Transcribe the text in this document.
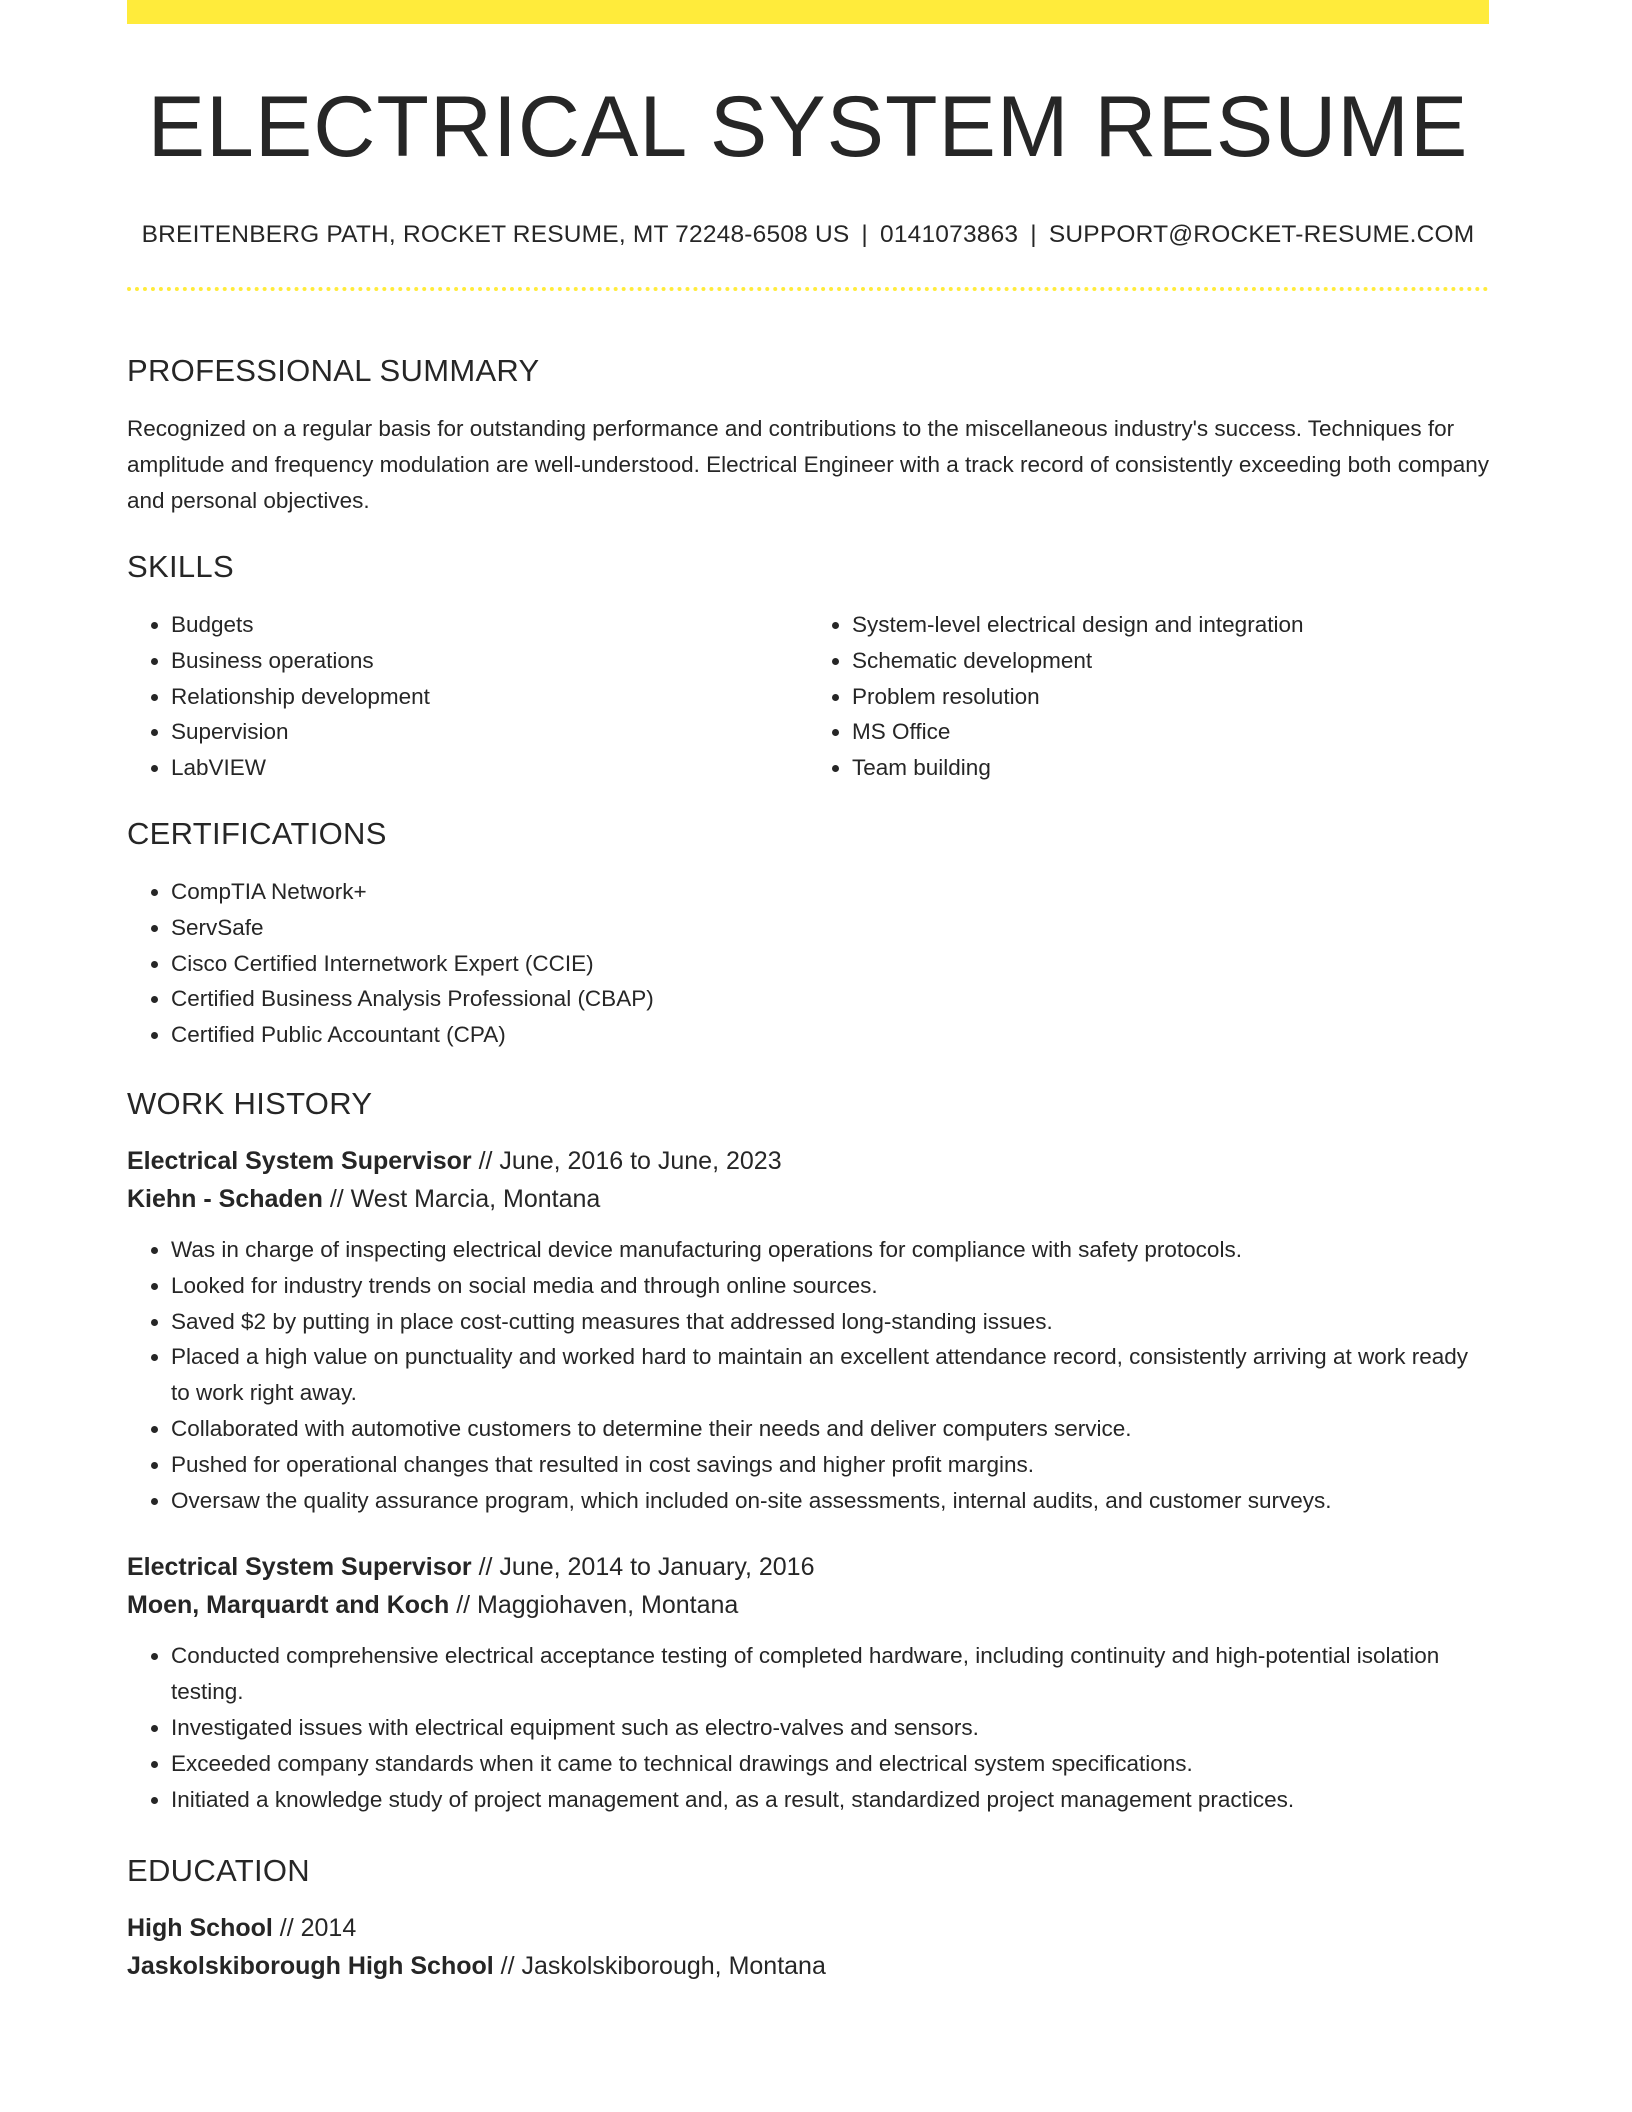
ELECTRICAL SYSTEM RESUME
BREITENBERG PATH, ROCKET RESUME, MT 72248-6508 US | 0141073863 | SUPPORT@ROCKET-RESUME.COM
PROFESSIONAL SUMMARY

Recognized on a regular basis for outstanding performance and contributions to the miscellaneous industry's success. Techniques for amplitude and frequency modulation are well-understood. Electrical Engineer with a track record of consistently exceeding both company and personal objectives.

SKILLS
• Budgets
• Business operations
• Relationship development
• Supervision
• LabVIEW
• System-level electrical design and integration
• Schematic development
• Problem resolution
• MS Office
• Team building
CERTIFICATIONS
• CompTIA Network+
• ServSafe
• Cisco Certified Internetwork Expert (CCIE)
• Certified Business Analysis Professional (CBAP)
• Certified Public Accountant (CPA)
WORK HISTORY
Electrical System Supervisor // June, 2016 to June, 2023
Kiehn - Schaden // West Marcia, Montana
• Was in charge of inspecting electrical device manufacturing operations for compliance with safety protocols.
• Looked for industry trends on social media and through online sources.
• Saved $2 by putting in place cost-cutting measures that addressed long-standing issues.
• Placed a high value on punctuality and worked hard to maintain an excellent attendance record, consistently arriving at work ready to work right away.
• Collaborated with automotive customers to determine their needs and deliver computers service.
• Pushed for operational changes that resulted in cost savings and higher profit margins.
• Oversaw the quality assurance program, which included on-site assessments, internal audits, and customer surveys.
Electrical System Supervisor // June, 2014 to January, 2016
Moen, Marquardt and Koch // Maggiohaven, Montana
• Conducted comprehensive electrical acceptance testing of completed hardware, including continuity and high-potential isolation testing.
• Investigated issues with electrical equipment such as electro-valves and sensors.
• Exceeded company standards when it came to technical drawings and electrical system specifications.
• Initiated a knowledge study of project management and, as a result, standardized project management practices.
EDUCATION
High School // 2014
Jaskolskiborough High School // Jaskolskiborough, Montana
